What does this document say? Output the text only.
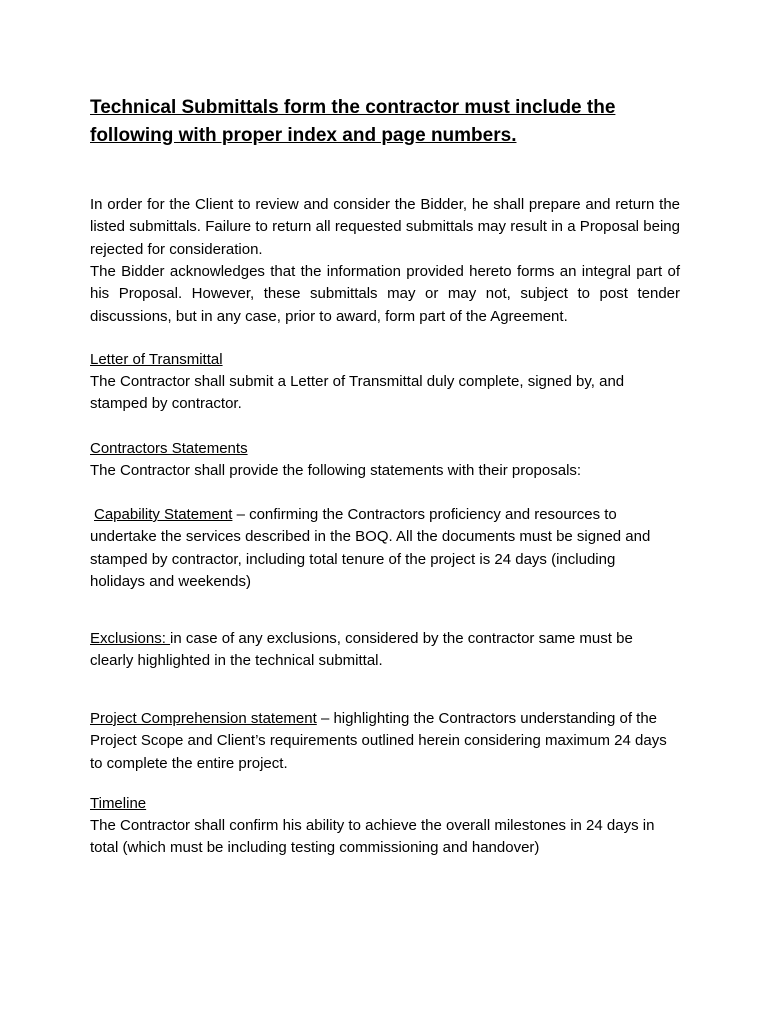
Technical Submittals form the contractor must include the following with proper index and page numbers.

In order for the Client to review and consider the Bidder, he shall prepare and return the listed submittals. Failure to return all requested submittals may result in a Proposal being rejected for consideration.

The Bidder acknowledges that the information provided hereto forms an integral part of his Proposal. However, these submittals may or may not, subject to post tender discussions, but in any case, prior to award, form part of the Agreement.

Letter of Transmittal

The Contractor shall submit a Letter of Transmittal duly complete, signed by, and stamped by contractor.

Contractors Statements

The Contractor shall provide the following statements with their proposals:

Capability Statement – confirming the Contractors proficiency and resources to undertake the services described in the BOQ. All the documents must be signed and stamped by contractor, including total tenure of the project is 24 days (including holidays and weekends)

Exclusions: in case of any exclusions, considered by the contractor same must be clearly highlighted in the technical submittal.

Project Comprehension statement – highlighting the Contractors understanding of the Project Scope and Client’s requirements outlined herein considering maximum 24 days to complete the entire project.

Timeline

The Contractor shall confirm his ability to achieve the overall milestones in 24 days in total (which must be including testing commissioning and handover)
